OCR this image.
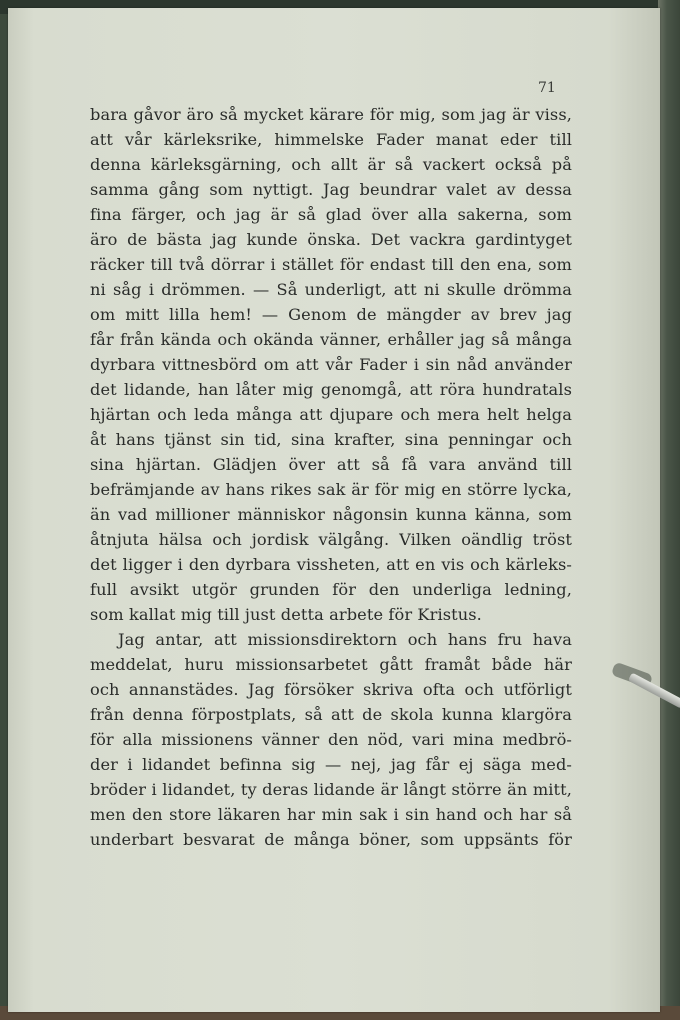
71
bara gåvor äro så mycket kärare för mig, som jag är viss,
att vår kärleksrike, himmelske Fader manat eder till
denna kärleksgärning, och allt är så vackert också på
samma gång som nyttigt. Jag beundrar valet av dessa
fina färger, och jag är så glad över alla sakerna, som
äro de bästa jag kunde önska. Det vackra gardintyget
räcker till två dörrar i stället för endast till den ena, som
ni såg i drömmen. — Så underligt, att ni skulle drömma
om mitt lilla hem! — Genom de mängder av brev jag
får från kända och okända vänner, erhåller jag så många
dyrbara vittnesbörd om att vår Fader i sin nåd använder
det lidande, han låter mig genomgå, att röra hundratals
hjärtan och leda många att djupare och mera helt helga
åt hans tjänst sin tid, sina krafter, sina penningar och
sina hjärtan. Glädjen över att så få vara använd till
befrämjande av hans rikes sak är för mig en större lycka,
än vad millioner människor någonsin kunna känna, som
åtnjuta hälsa och jordisk välgång. Vilken oändlig tröst
det ligger i den dyrbara vissheten, att en vis och kärleks-
full avsikt utgör grunden för den underliga ledning,
som kallat mig till just detta arbete för Kristus.
Jag antar, att missionsdirektorn och hans fru hava
meddelat, huru missionsarbetet gått framåt både här
och annanstädes. Jag försöker skriva ofta och utförligt
från denna förpostplats, så att de skola kunna klargöra
för alla missionens vänner den nöd, vari mina medbrö-
der i lidandet befinna sig — nej, jag får ej säga med-
bröder i lidandet, ty deras lidande är långt större än mitt,
men den store läkaren har min sak i sin hand och har så
underbart besvarat de många böner, som uppsänts för
